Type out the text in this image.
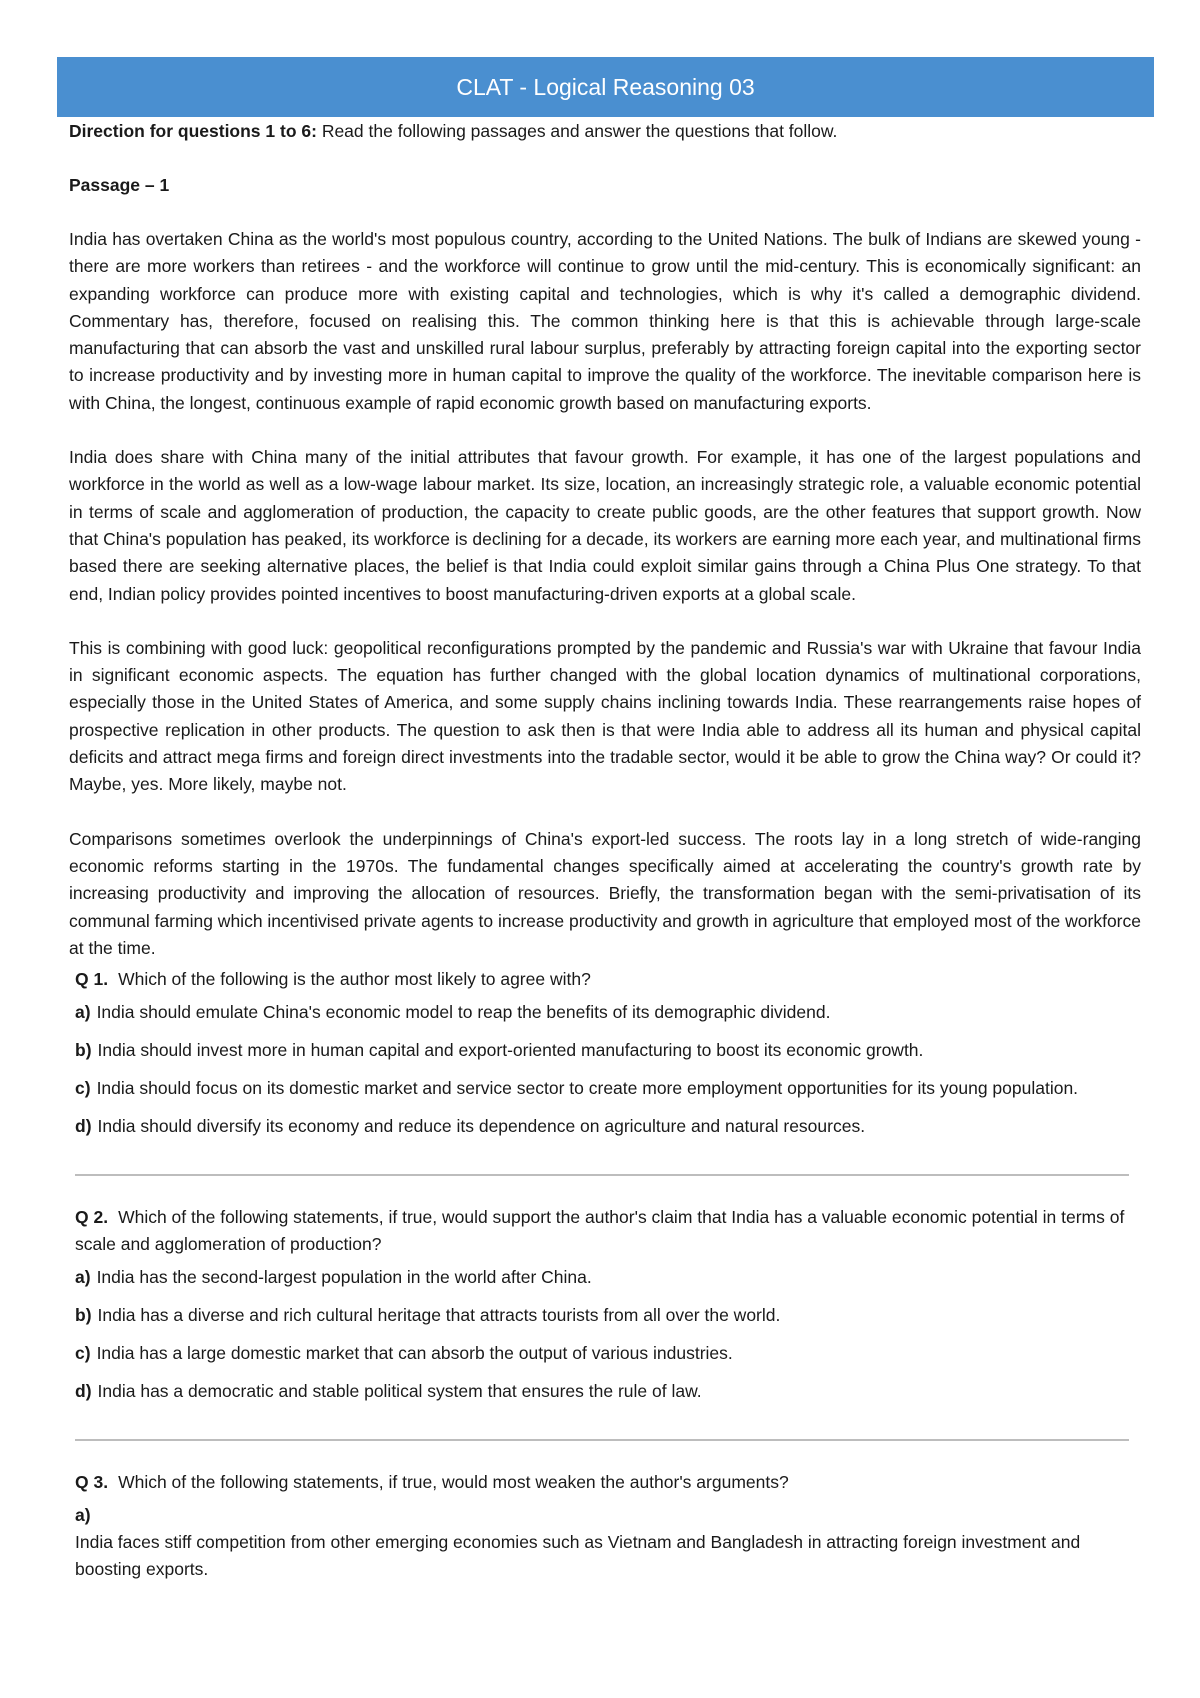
CLAT - Logical Reasoning 03

Direction for questions 1 to 6: Read the following passages and answer the questions that follow.

Passage – 1

India has overtaken China as the world's most populous country, according to the United Nations. The bulk of Indians are skewed young - there are more workers than retirees - and the workforce will continue to grow until the mid-century. This is economically significant: an expanding workforce can produce more with existing capital and technologies, which is why it's called a demographic dividend. Commentary has, therefore, focused on realising this. The common thinking here is that this is achievable through large-scale manufacturing that can absorb the vast and unskilled rural labour surplus, preferably by attracting foreign capital into the exporting sector to increase productivity and by investing more in human capital to improve the quality of the workforce. The inevitable comparison here is with China, the longest, continuous example of rapid economic growth based on manufacturing exports.

India does share with China many of the initial attributes that favour growth. For example, it has one of the largest populations and workforce in the world as well as a low-wage labour market. Its size, location, an increasingly strategic role, a valuable economic potential in terms of scale and agglomeration of production, the capacity to create public goods, are the other features that support growth. Now that China's population has peaked, its workforce is declining for a decade, its workers are earning more each year, and multinational firms based there are seeking alternative places, the belief is that India could exploit similar gains through a China Plus One strategy. To that end, Indian policy provides pointed incentives to boost manufacturing-driven exports at a global scale.

This is combining with good luck: geopolitical reconfigurations prompted by the pandemic and Russia's war with Ukraine that favour India in significant economic aspects. The equation has further changed with the global location dynamics of multinational corporations, especially those in the United States of America, and some supply chains inclining towards India. These rearrangements raise hopes of prospective replication in other products. The question to ask then is that were India able to address all its human and physical capital deficits and attract mega firms and foreign direct investments into the tradable sector, would it be able to grow the China way? Or could it? Maybe, yes. More likely, maybe not.

Comparisons sometimes overlook the underpinnings of China's export-led success. The roots lay in a long stretch of wide-ranging economic reforms starting in the 1970s. The fundamental changes specifically aimed at accelerating the country's growth rate by increasing productivity and improving the allocation of resources. Briefly, the transformation began with the semi-privatisation of its communal farming which incentivised private agents to increase productivity and growth in agriculture that employed most of the workforce at the time.

Q 1. Which of the following is the author most likely to agree with?

a) India should emulate China's economic model to reap the benefits of its demographic dividend.

b) India should invest more in human capital and export-oriented manufacturing to boost its economic growth.

c) India should focus on its domestic market and service sector to create more employment opportunities for its young population.

d) India should diversify its economy and reduce its dependence on agriculture and natural resources.

Q 2. Which of the following statements, if true, would support the author's claim that India has a valuable economic potential in terms of scale and agglomeration of production?

a) India has the second-largest population in the world after China.

b) India has a diverse and rich cultural heritage that attracts tourists from all over the world.

c) India has a large domestic market that can absorb the output of various industries.

d) India has a democratic and stable political system that ensures the rule of law.

Q 3. Which of the following statements, if true, would most weaken the author's arguments?

a)
India faces stiff competition from other emerging economies such as Vietnam and Bangladesh in attracting foreign investment and boosting exports.
